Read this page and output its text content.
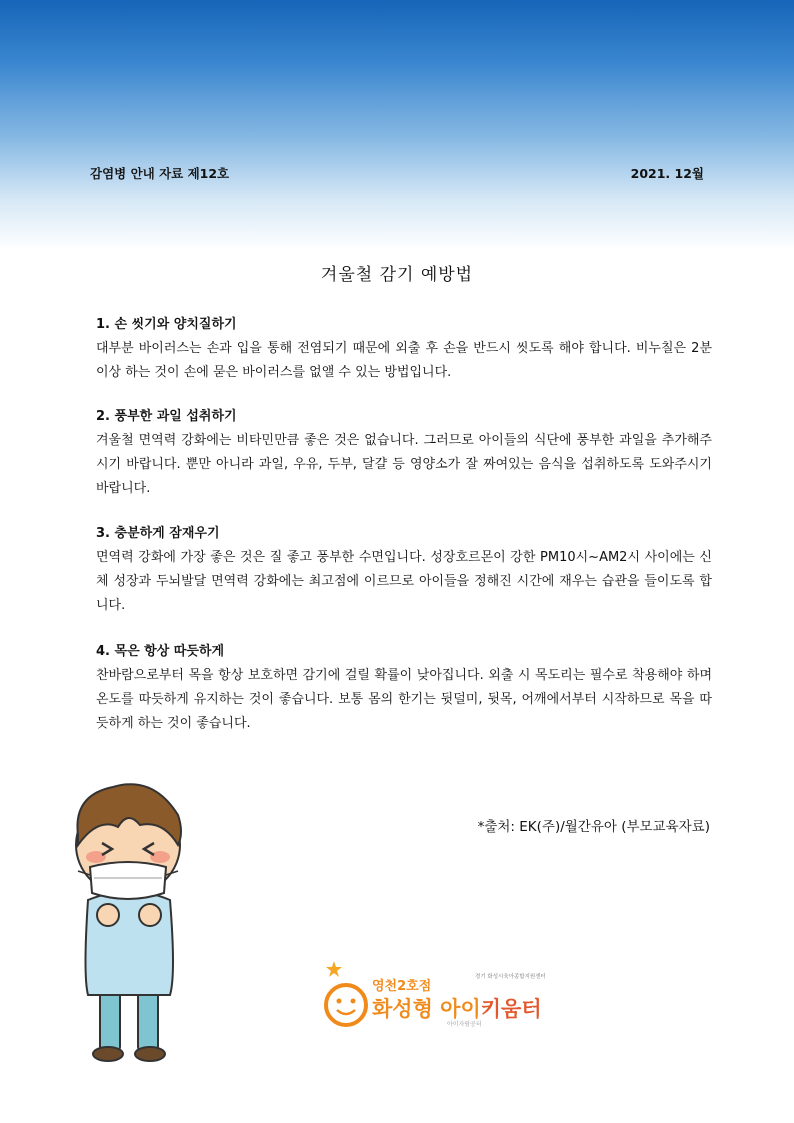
감염병 안내 자료 제12호	2021. 12월
겨울철 감기 예방법
1. 손 씻기와 양치질하기
대부분 바이러스는 손과 입을 통해 전염되기 때문에 외출 후 손을 반드시 씻도록 해야 합니다. 비누칠은 2분 이상 하는 것이 손에 묻은 바이러스를 없앨 수 있는 방법입니다.
2. 풍부한 과일 섭취하기
겨울철 면역력 강화에는 비타민만큼 좋은 것은 없습니다. 그러므로 아이들의 식단에 풍부한 과일을 추가해주시기 바랍니다. 뿐만 아니라 과일, 우유, 두부, 달걀 등 영양소가 잘 짜여있는 음식을 섭취하도록 도와주시기 바랍니다.
3. 충분하게 잠재우기
면역력 강화에 가장 좋은 것은 질 좋고 풍부한 수면입니다. 성장호르몬이 강한 PM10시~AM2시 사이에는 신체 성장과 두뇌발달 면역력 강화에는 최고점에 이르므로 아이들을 정해진 시간에 재우는 습관을 들이도록 합니다.
4. 목은 항상 따듯하게
찬바람으로부터 목을 항상 보호하면 감기에 걸릴 확률이 낮아집니다. 외출 시 목도리는 필수로 착용해야 하며 온도를 따듯하게 유지하는 것이 좋습니다. 보통 몸의 한기는 뒷덜미, 뒷목, 어깨에서부터 시작하므로 목을 따듯하게 하는 것이 좋습니다.
*출처: EK(주)/월간유아 (부모교육자료)
영천2호점
경기 화성시육아종합지원센터
화성형 아이키움터
아이자람공터
